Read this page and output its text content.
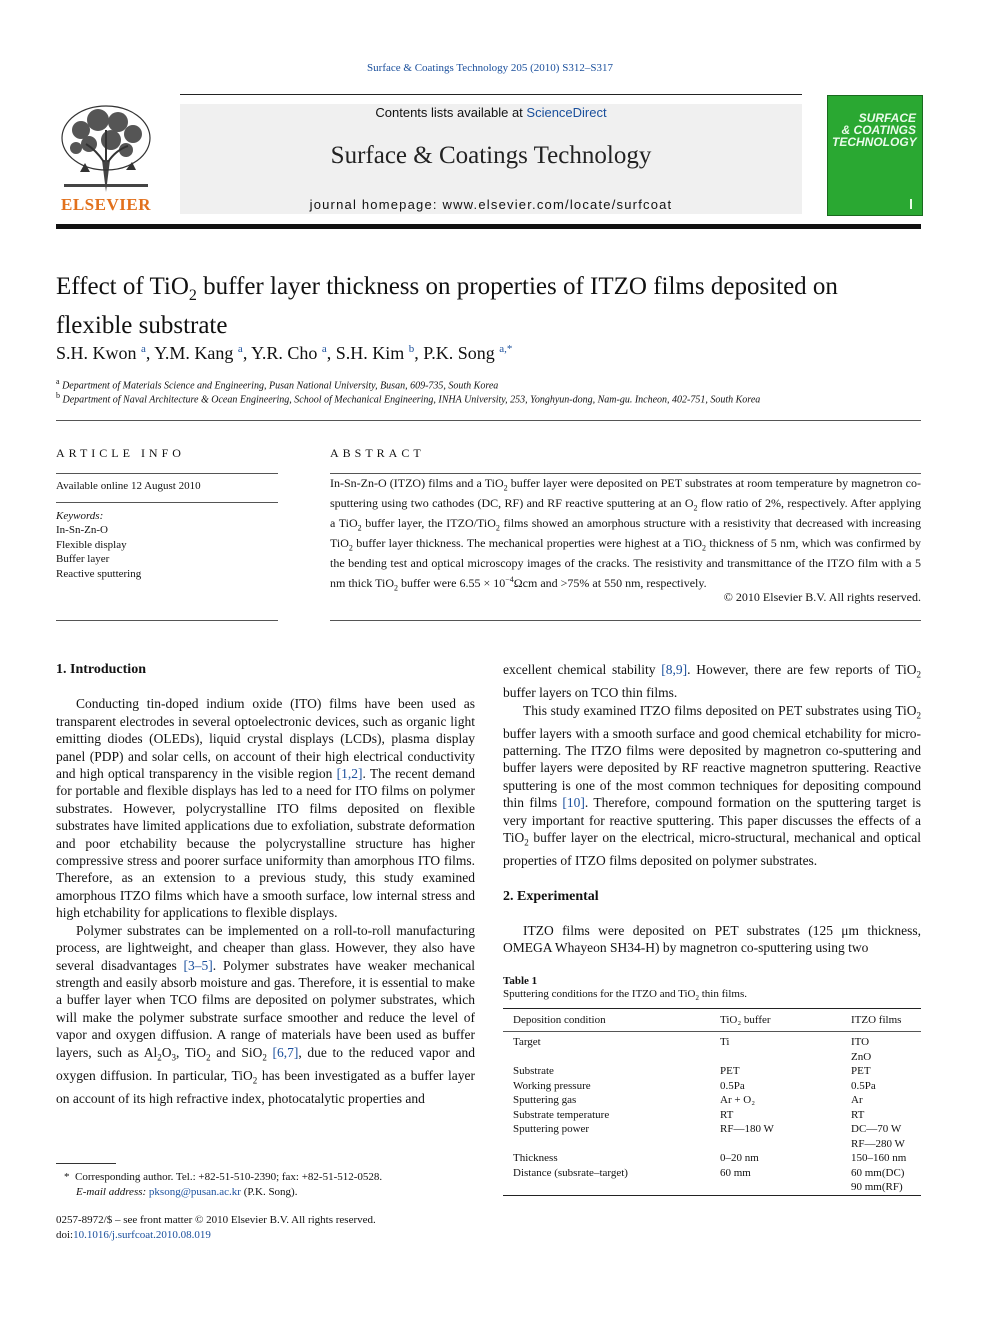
Surface & Coatings Technology 205 (2010) S312–S317
ELSEVIER
Contents lists available at ScienceDirect
Surface & Coatings Technology
journal homepage: www.elsevier.com/locate/surfcoat
SURFACE
& COATINGS
TECHNOLOGY
Effect of TiO$_2$ buffer layer thickness on properties of ITZO films deposited on flexible substrate
S.H. Kwon $^a$, Y.M. Kang $^a$, Y.R. Cho $^a$, S.H. Kim $^b$, P.K. Song $^{a,*}$
$^a$ Department of Materials Science and Engineering, Pusan National University, Busan, 609-735, South Korea
$^b$ Department of Naval Architecture & Ocean Engineering, School of Mechanical Engineering, INHA University, 253, Yonghyun-dong, Nam-gu. Incheon, 402-751, South Korea
ARTICLE INFO
Available online 12 August 2010
Keywords:
In-Sn-Zn-O
Flexible display
Buffer layer
Reactive sputtering
ABSTRACT
In-Sn-Zn-O (ITZO) films and a TiO$_2$ buffer layer were deposited on PET substrates at room temperature by magnetron co-sputtering using two cathodes (DC, RF) and RF reactive sputtering at an $O_2$ flow ratio of 2%, respectively. After applying a TiO$_2$ buffer layer, the ITZO/TiO$_2$ films showed an amorphous structure with a resistivity that decreased with increasing TiO$_2$ buffer layer thickness. The mechanical properties were highest at a TiO$_2$ thickness of 5 nm, which was confirmed by the bending test and optical microscopy images of the cracks. The resistivity and transmittance of the ITZO film with a 5 nm thick TiO$_2$ buffer were $6.55 \times 10^{-4}\Omega cm$ and >75% at 550 nm, respectively.
© 2010 Elsevier B.V. All rights reserved.
1. Introduction

Conducting tin-doped indium oxide (ITO) films have been used as transparent electrodes in several optoelectronic devices, such as organic light emitting diodes (OLEDs), liquid crystal displays (LCDs), plasma display panel (PDP) and solar cells, on account of their high electrical conductivity and high optical transparency in the visible region [1,2]. The recent demand for portable and flexible displays has led to a need for ITO films on polymer substrates. However, polycrystalline ITO films deposited on flexible substrates have limited applications due to exfoliation, substrate deformation and poor etchability because the polycrystalline structure has higher compressive stress and poorer surface uniformity than amorphous ITO films. Therefore, as an extension to a previous study, this study examined amorphous ITZO films which have a smooth surface, low internal stress and high etchability for applications to flexible displays.

Polymer substrates can be implemented on a roll-to-roll manufacturing process, are lightweight, and cheaper than glass. However, they also have several disadvantages [3–5]. Polymer substrates have weaker mechanical strength and easily absorb moisture and gas. Therefore, it is essential to make a buffer layer when TCO films are deposited on polymer substrates, which will make the polymer substrate surface smoother and reduce the level of vapor and oxygen diffusion. A range of materials have been used as buffer layers, such as $Al_2O_3$, TiO$_2$ and SiO$_2$ [6,7], due to the reduced vapor and oxygen diffusion. In particular, TiO$_2$ has been investigated as a buffer layer on account of its high refractive index, photocatalytic properties and

*  Corresponding author. Tel.: +82-51-510-2390; fax: +82-51-512-0528.
E-mail address: pksong@pusan.ac.kr (P.K. Song).
0257-8972/$ – see front matter © 2010 Elsevier B.V. All rights reserved.
doi:10.1016/j.surfcoat.2010.08.019

excellent chemical stability [8,9]. However, there are few reports of TiO$_2$ buffer layers on TCO thin films.

This study examined ITZO films deposited on PET substrates using TiO$_2$ buffer layers with a smooth surface and good chemical etchability for micro-patterning. The ITZO films were deposited by magnetron co-sputtering and buffer layers were deposited by RF reactive magnetron sputtering. Reactive sputtering is one of the most common techniques for depositing compound thin films [10]. Therefore, compound formation on the sputtering target is very important for reactive sputtering. This paper discusses the effects of a TiO$_2$ buffer layer on the electrical, micro-structural, mechanical and optical properties of ITZO films deposited on polymer substrates.

2. Experimental

ITZO films were deposited on PET substrates (125 μm thickness, OMEGA Whayeon SH34-H) by magnetron co-sputtering using two

Table 1
Sputtering conditions for the ITZO and TiO$_2$ thin films.
Deposition condition	TiO₂ buffer	ITZO films
Target	Ti	ITO
		ZnO
Substrate	PET	PET
Working pressure	0.5Pa	0.5Pa
Sputtering gas	Ar + O₂	Ar
Substrate temperature	RT	RT
Sputtering power	RF—180 W	DC—70 W
		RF—280 W
Thickness	0–20 nm	150–160 nm
Distance (subsrate–target)	60 mm	60 mm(DC)
		90 mm(RF)
